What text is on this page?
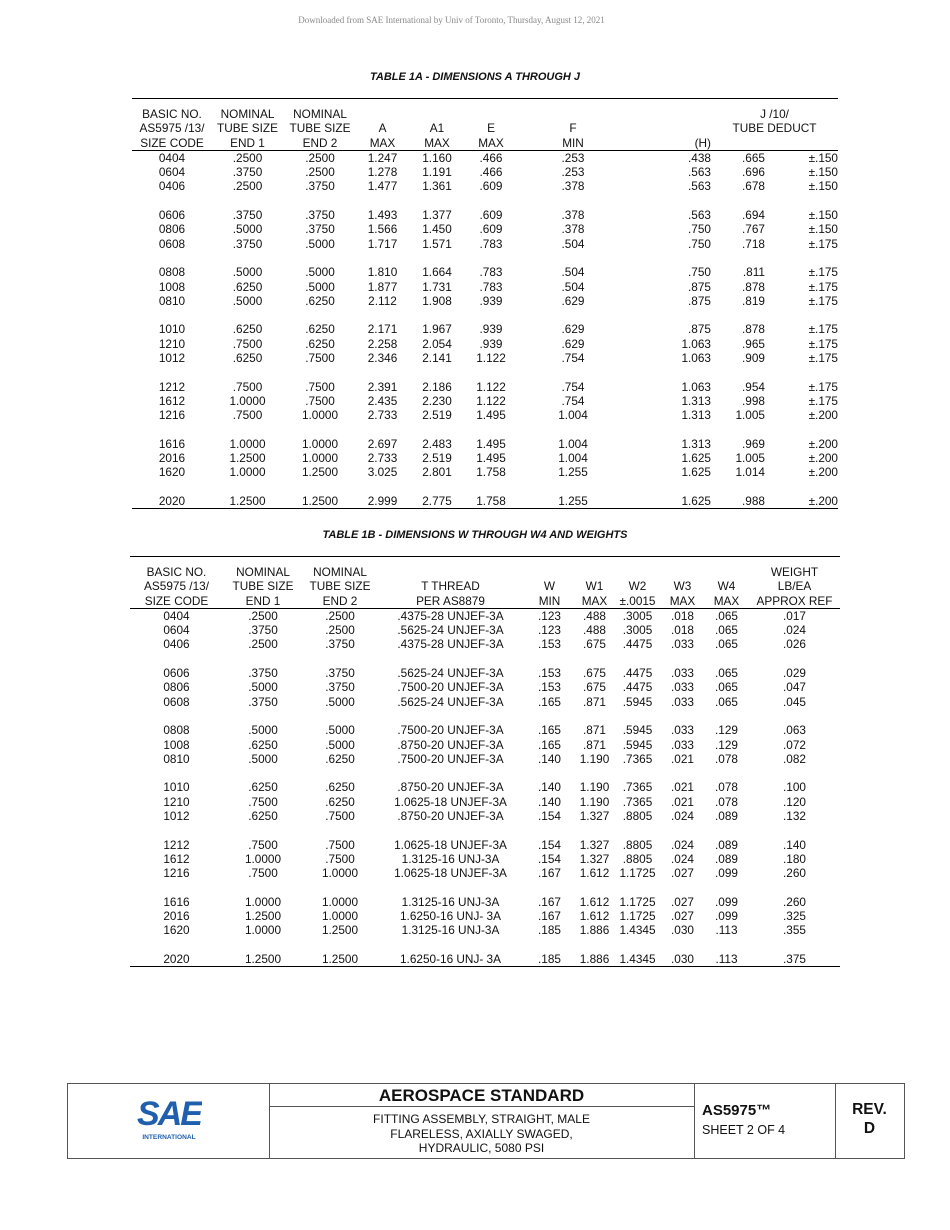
Downloaded from SAE International by Univ of Toronto, Thursday, August 12, 2021
TABLE 1A - DIMENSIONS A THROUGH J

BASIC NO.	NOMINAL	NOMINAL						J /10/	
AS5975 /13/	TUBE SIZE	TUBE SIZE	A	A1	E	F		TUBE DEDUCT	
SIZE CODE	END 1	END 2	MAX	MAX	MAX	MIN	(H)		
0404	.2500	.2500	1.247	1.160	.466	.253	.438	.665	±.150
0604	.3750	.2500	1.278	1.191	.466	.253	.563	.696	±.150
0406	.2500	.3750	1.477	1.361	.609	.378	.563	.678	±.150

0606	.3750	.3750	1.493	1.377	.609	.378	.563	.694	±.150
0806	.5000	.3750	1.566	1.450	.609	.378	.750	.767	±.150
0608	.3750	.5000	1.717	1.571	.783	.504	.750	.718	±.175

0808	.5000	.5000	1.810	1.664	.783	.504	.750	.811	±.175
1008	.6250	.5000	1.877	1.731	.783	.504	.875	.878	±.175
0810	.5000	.6250	2.112	1.908	.939	.629	.875	.819	±.175

1010	.6250	.6250	2.171	1.967	.939	.629	.875	.878	±.175
1210	.7500	.6250	2.258	2.054	.939	.629	1.063	.965	±.175
1012	.6250	.7500	2.346	2.141	1.122	.754	1.063	.909	±.175

1212	.7500	.7500	2.391	2.186	1.122	.754	1.063	.954	±.175
1612	1.0000	.7500	2.435	2.230	1.122	.754	1.313	.998	±.175
1216	.7500	1.0000	2.733	2.519	1.495	1.004	1.313	1.005	±.200

1616	1.0000	1.0000	2.697	2.483	1.495	1.004	1.313	.969	±.200
2016	1.2500	1.0000	2.733	2.519	1.495	1.004	1.625	1.005	±.200
1620	1.0000	1.2500	3.025	2.801	1.758	1.255	1.625	1.014	±.200

2020	1.2500	1.2500	2.999	2.775	1.758	1.255	1.625	.988	±.200
TABLE 1B - DIMENSIONS W THROUGH W4 AND WEIGHTS

BASIC NO.	NOMINAL	NOMINAL							WEIGHT
AS5975 /13/	TUBE SIZE	TUBE SIZE	T THREAD	W	W1	W2	W3	W4	LB/EA
SIZE CODE	END 1	END 2	PER AS8879	MIN	MAX	±.0015	MAX	MAX	APPROX REF
0404	.2500	.2500	.4375-28 UNJEF-3A	.123	.488	.3005	.018	.065	.017
0604	.3750	.2500	.5625-24 UNJEF-3A	.123	.488	.3005	.018	.065	.024
0406	.2500	.3750	.4375-28 UNJEF-3A	.153	.675	.4475	.033	.065	.026

0606	.3750	.3750	.5625-24 UNJEF-3A	.153	.675	.4475	.033	.065	.029
0806	.5000	.3750	.7500-20 UNJEF-3A	.153	.675	.4475	.033	.065	.047
0608	.3750	.5000	.5625-24 UNJEF-3A	.165	.871	.5945	.033	.065	.045

0808	.5000	.5000	.7500-20 UNJEF-3A	.165	.871	.5945	.033	.129	.063
1008	.6250	.5000	.8750-20 UNJEF-3A	.165	.871	.5945	.033	.129	.072
0810	.5000	.6250	.7500-20 UNJEF-3A	.140	1.190	.7365	.021	.078	.082

1010	.6250	.6250	.8750-20 UNJEF-3A	.140	1.190	.7365	.021	.078	.100
1210	.7500	.6250	1.0625-18 UNJEF-3A	.140	1.190	.7365	.021	.078	.120
1012	.6250	.7500	.8750-20 UNJEF-3A	.154	1.327	.8805	.024	.089	.132

1212	.7500	.7500	1.0625-18 UNJEF-3A	.154	1.327	.8805	.024	.089	.140
1612	1.0000	.7500	1.3125-16 UNJ-3A	.154	1.327	.8805	.024	.089	.180
1216	.7500	1.0000	1.0625-18 UNJEF-3A	.167	1.612	1.1725	.027	.099	.260

1616	1.0000	1.0000	1.3125-16 UNJ-3A	.167	1.612	1.1725	.027	.099	.260
2016	1.2500	1.0000	1.6250-16 UNJ- 3A	.167	1.612	1.1725	.027	.099	.325
1620	1.0000	1.2500	1.3125-16 UNJ-3A	.185	1.886	1.4345	.030	.113	.355

2020	1.2500	1.2500	1.6250-16 UNJ- 3A	.185	1.886	1.4345	.030	.113	.375
SAE
INTERNATIONAL
AEROSPACE STANDARD
FITTING ASSEMBLY, STRAIGHT, MALE
FLARELESS, AXIALLY SWAGED,
HYDRAULIC, 5080 PSI
AS5975™
SHEET 2 OF 4
REV.
D
